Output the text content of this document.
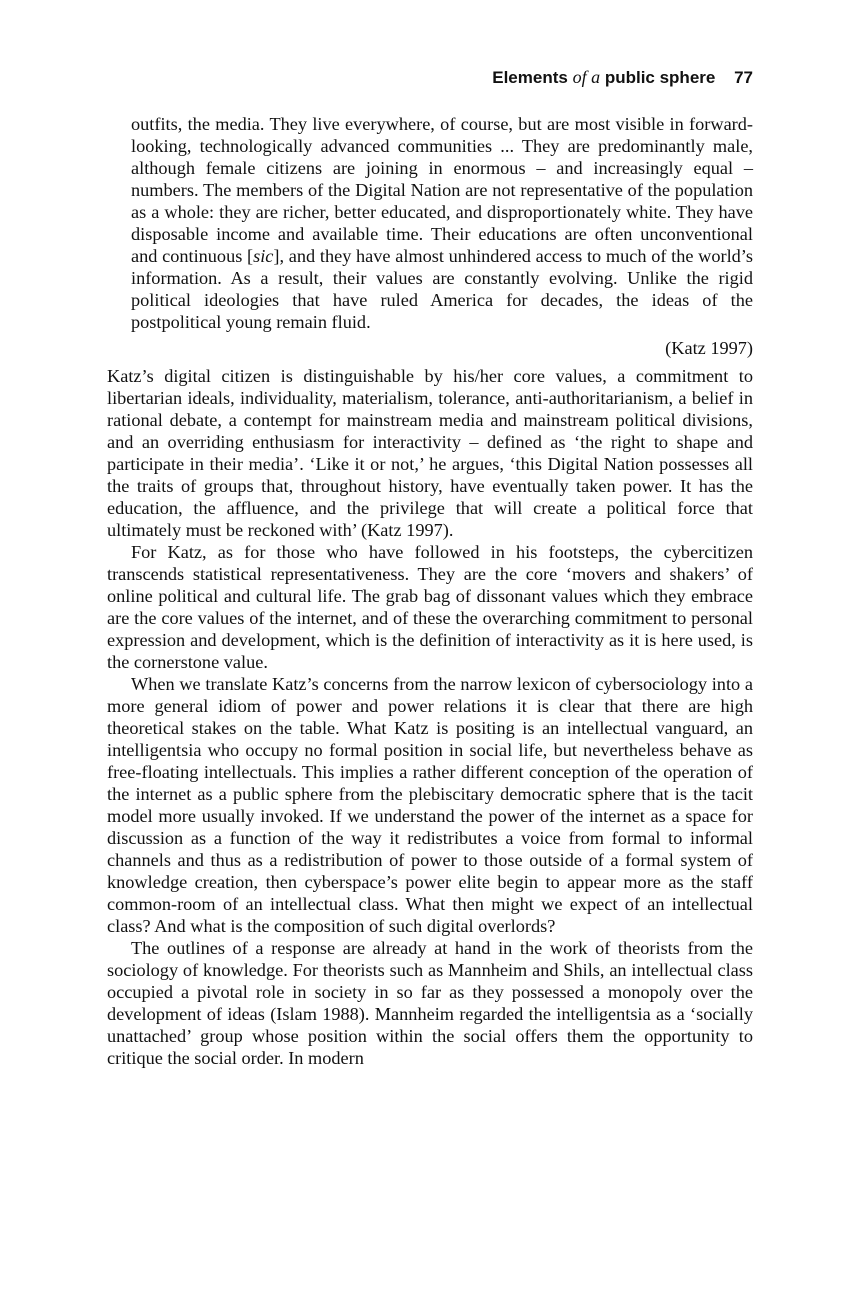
Elements of a public sphere 77
outfits, the media. They live everywhere, of course, but are most visible in forward-looking, technologically advanced communities ... They are predominantly male, although female citizens are joining in enormous – and increasingly equal – numbers. The members of the Digital Nation are not representative of the population as a whole: they are richer, better educated, and disproportionately white. They have disposable income and available time. Their educations are often unconventional and continuous [sic], and they have almost unhindered access to much of the world’s information. As a result, their values are constantly evolving. Unlike the rigid political ideologies that have ruled America for decades, the ideas of the postpolitical young remain fluid.
(Katz 1997)

Katz’s digital citizen is distinguishable by his/her core values, a commitment to libertarian ideals, individuality, materialism, tolerance, anti-authoritarianism, a belief in rational debate, a contempt for mainstream media and mainstream political divisions, and an overriding enthusiasm for interactivity – defined as ‘the right to shape and participate in their media’. ‘Like it or not,’ he argues, ‘this Digital Nation possesses all the traits of groups that, throughout history, have eventually taken power. It has the education, the affluence, and the privilege that will create a political force that ultimately must be reckoned with’ (Katz 1997).

For Katz, as for those who have followed in his footsteps, the cybercitizen transcends statistical representativeness. They are the core ‘movers and shakers’ of online political and cultural life. The grab bag of dissonant values which they embrace are the core values of the internet, and of these the overarching commitment to personal expression and development, which is the definition of interactivity as it is here used, is the cornerstone value.

When we translate Katz’s concerns from the narrow lexicon of cybersociology into a more general idiom of power and power relations it is clear that there are high theoretical stakes on the table. What Katz is positing is an intellectual vanguard, an intelligentsia who occupy no formal position in social life, but nevertheless behave as free-floating intellectuals. This implies a rather different conception of the operation of the internet as a public sphere from the plebiscitary democratic sphere that is the tacit model more usually invoked. If we understand the power of the internet as a space for discussion as a function of the way it redistributes a voice from formal to informal channels and thus as a redistribution of power to those outside of a formal system of knowledge creation, then cyberspace’s power elite begin to appear more as the staff common-room of an intellectual class. What then might we expect of an intellectual class? And what is the composition of such digital overlords?

The outlines of a response are already at hand in the work of theorists from the sociology of knowledge. For theorists such as Mannheim and Shils, an intellectual class occupied a pivotal role in society in so far as they possessed a monopoly over the development of ideas (Islam 1988). Mannheim regarded the intelligentsia as a ‘socially unattached’ group whose position within the social offers them the opportunity to critique the social order. In modern
